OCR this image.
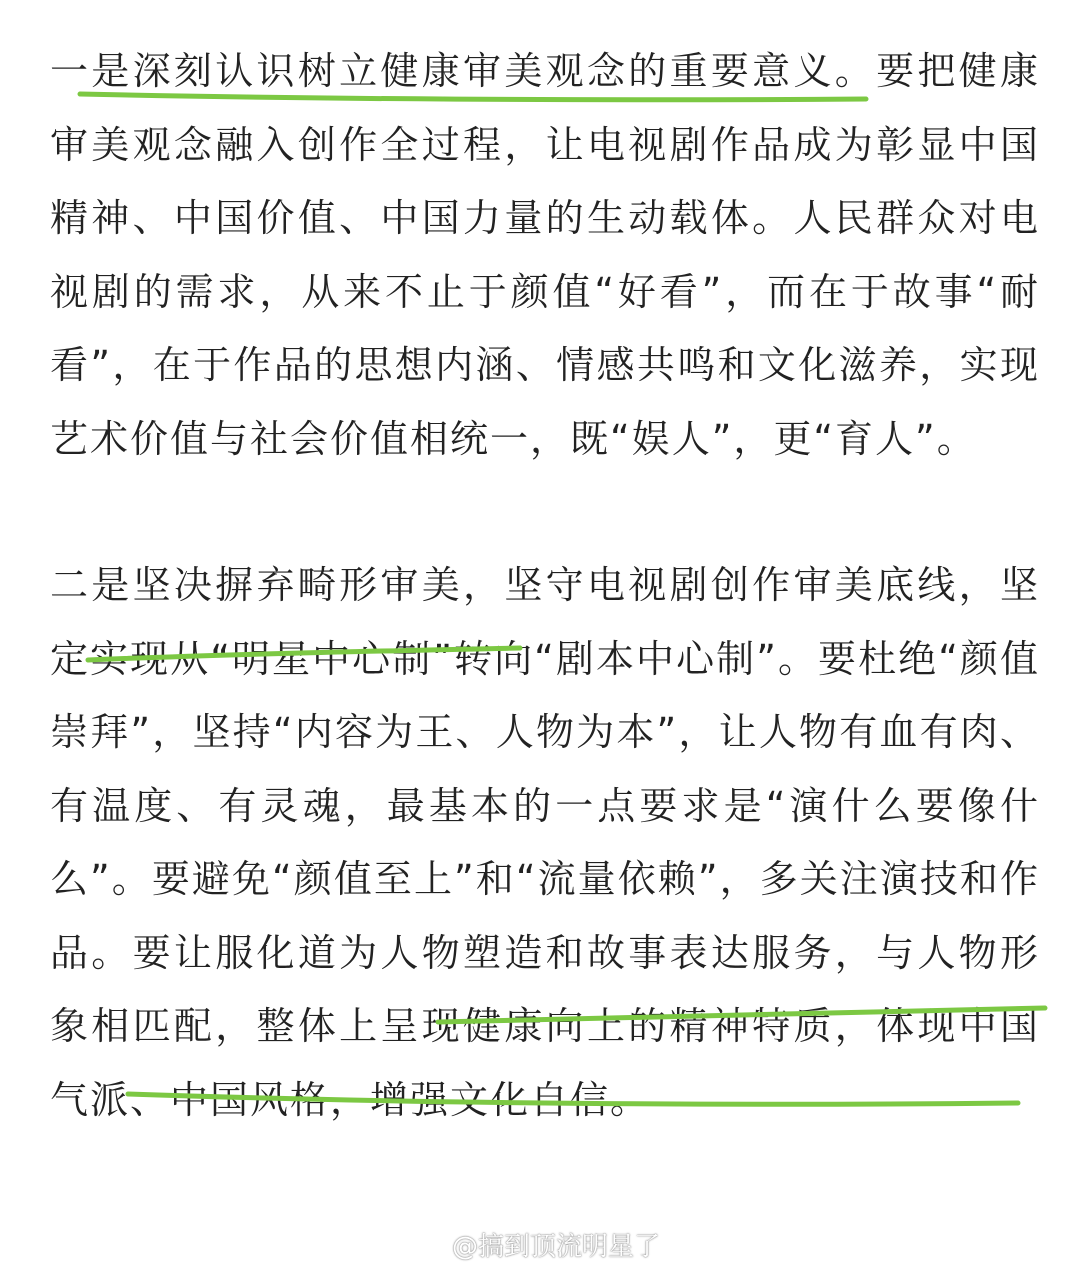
一是深刻认识树立健康审美观念的重要意义。要把健康审美观念融入创作全过程，让电视剧作品成为彰显中国精神、中国价值、中国力量的生动载体。人民群众对电视剧的需求，从来不止于颜值“好看”，而在于故事“耐看”，在于作品的思想内涵、情感共鸣和文化滋养，实现艺术价值与社会价值相统一，既“娱人”，更“育人”。

二是坚决摒弃畸形审美，坚守电视剧创作审美底线，坚定实现从“明星中心制”转向“剧本中心制”。要杜绝“颜值崇拜”，坚持“内容为王、人物为本”，让人物有血有肉、有温度、有灵魂，最基本的一点要求是“演什么要像什么”。要避免“颜值至上”和“流量依赖”，多关注演技和作品。要让服化道为人物塑造和故事表达服务，与人物形象相匹配，整体上呈现健康向上的精神特质，体现中国气派、中国风格，增强文化自信。

@搞到顶流明星了
